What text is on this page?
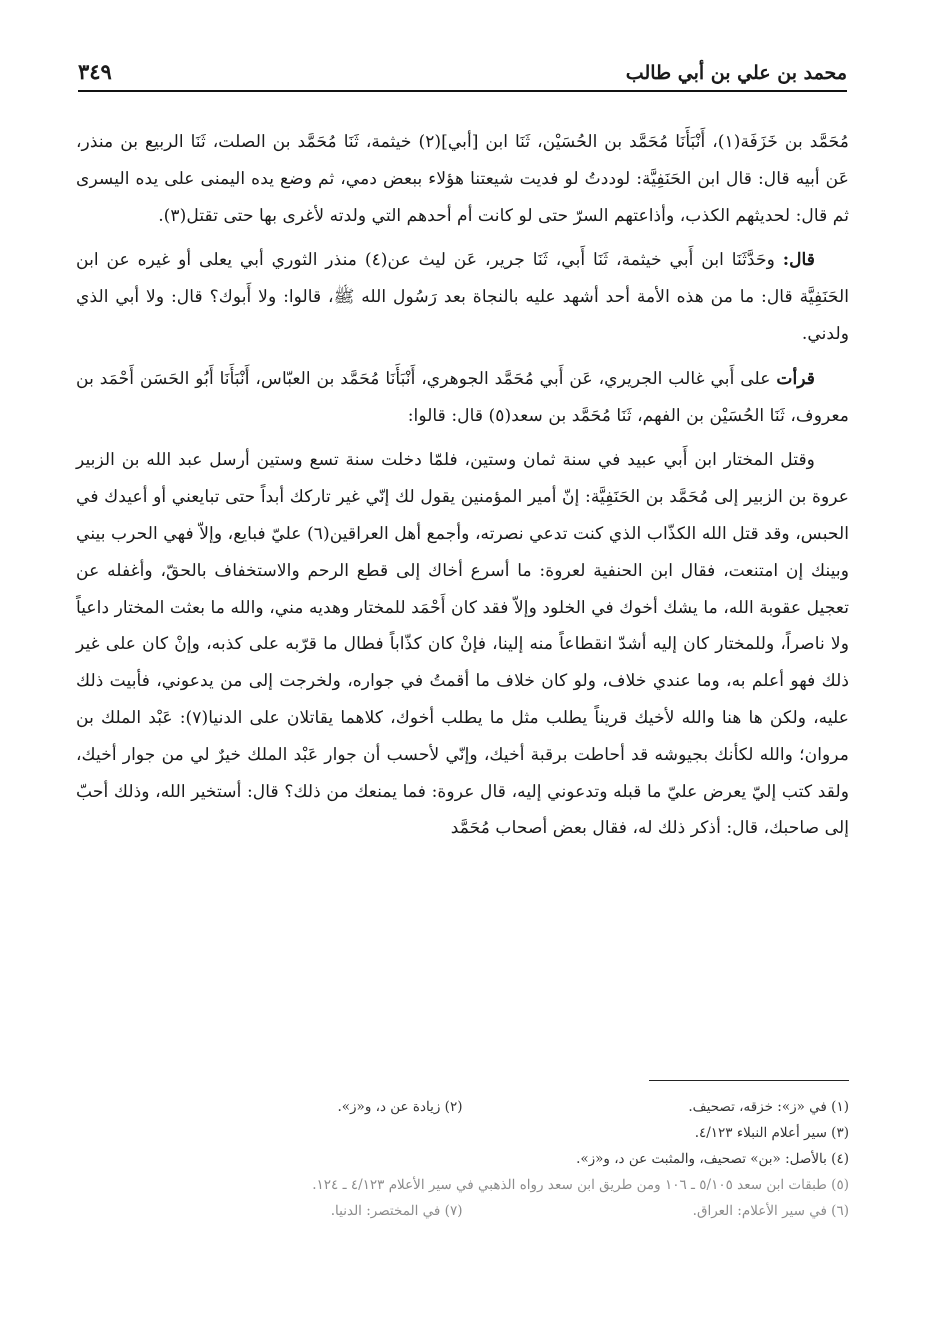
محمد بن علي بن أبي طالب
٣٤٩

مُحَمَّد بن خَزَفَة(١)، أَنْبَأَنَا مُحَمَّد بن الحُسَيْن، ثَنَا ابن [أبي](٢) خيثمة، ثَنَا مُحَمَّد بن الصلت، ثَنَا الربيع بن منذر، عَن أبيه قال: قال ابن الحَنَفِيَّة: لوددتُ لو فديت شيعتنا هؤلاء ببعض دمي، ثم وضع يده اليمنى على يده اليسرى ثم قال: لحديثهم الكذب، وأذاعتهم السرّ حتى لو كانت أم أحدهم التي ولدته لأغرى بها حتى تقتل(٣).

قال: وحَدَّثَنَا ابن أَبي خيثمة، ثَنَا أَبي، ثَنَا جرير، عَن ليث عن(٤) منذر الثوري أبي يعلى أو غيره عن ابن الحَنَفِيَّة قال: ما من هذه الأمة أحد أشهد عليه بالنجاة بعد رَسُول الله ﷺ، قالوا: ولا أَبوك؟ قال: ولا أبي الذي ولدني.

قرأت على أَبي غالب الجريري، عَن أَبي مُحَمَّد الجوهري، أَنْبَأَنَا مُحَمَّد بن العبّاس، أَنْبَأَنَا أَبُو الحَسَن أَحْمَد بن معروف، ثَنَا الحُسَيْن بن الفهم، ثَنَا مُحَمَّد بن سعد(٥) قال: قالوا:

وقتل المختار ابن أَبي عبيد في سنة ثمان وستين، فلمّا دخلت سنة تسع وستين أرسل عبد الله بن الزبير عروة بن الزبير إلى مُحَمَّد بن الحَنَفِيَّة: إنّ أمير المؤمنين يقول لك إنّي غير تاركك أبداً حتى تبايعني أو أعيدك في الحبس، وقد قتل الله الكذّاب الذي كنت تدعي نصرته، وأجمع أهل العراقين(٦) عليّ فبايع، وإلاّ فهي الحرب بيني وبينك إن امتنعت، فقال ابن الحنفية لعروة: ما أسرع أخاك إلى قطع الرحم والاستخفاف بالحقّ، وأغفله عن تعجيل عقوبة الله، ما يشك أخوك في الخلود وإلاّ فقد كان أَحْمَد للمختار وهديه مني، والله ما بعثت المختار داعياً ولا ناصراً، وللمختار كان إليه أشدّ انقطاعاً منه إلينا، فإنْ كان كذّاباً فطال ما قرّبه على كذبه، وإنْ كان على غير ذلك فهو أعلم به، وما عندي خلاف، ولو كان خلاف ما أقمتُ في جواره، ولخرجت إلى من يدعوني، فأبيت ذلك عليه، ولكن ها هنا والله لأخيك قريناً يطلب مثل ما يطلب أخوك، كلاهما يقاتلان على الدنيا(٧): عَبْد الملك بن مروان؛ والله لكأنك بجيوشه قد أحاطت برقبة أخيك، وإنّي لأحسب أن جوار عَبْد الملك خيرٌ لي من جوار أخيك، ولقد كتب إليّ يعرض عليّ ما قبله وتدعوني إليه، قال عروة: فما يمنعك من ذلك؟ قال: أستخير الله، وذلك أحبّ إلى صاحبك، قال: أذكر ذلك له، فقال بعض أصحاب مُحَمَّد

(١) في «ز»: خزقه، تصحيف.
(٢) زيادة عن د، و«ز».
(٣) سير أعلام النبلاء ٤/١٢٣.
(٤) بالأصل: «بن» تصحيف، والمثبت عن د، و«ز».
(٥) طبقات ابن سعد ٥/١٠٥ ـ ١٠٦ ومن طريق ابن سعد رواه الذهبي في سير الأعلام ٤/١٢٣ ـ ١٢٤.
(٦) في سير الأعلام: العراق.
(٧) في المختصر: الدنيا.
